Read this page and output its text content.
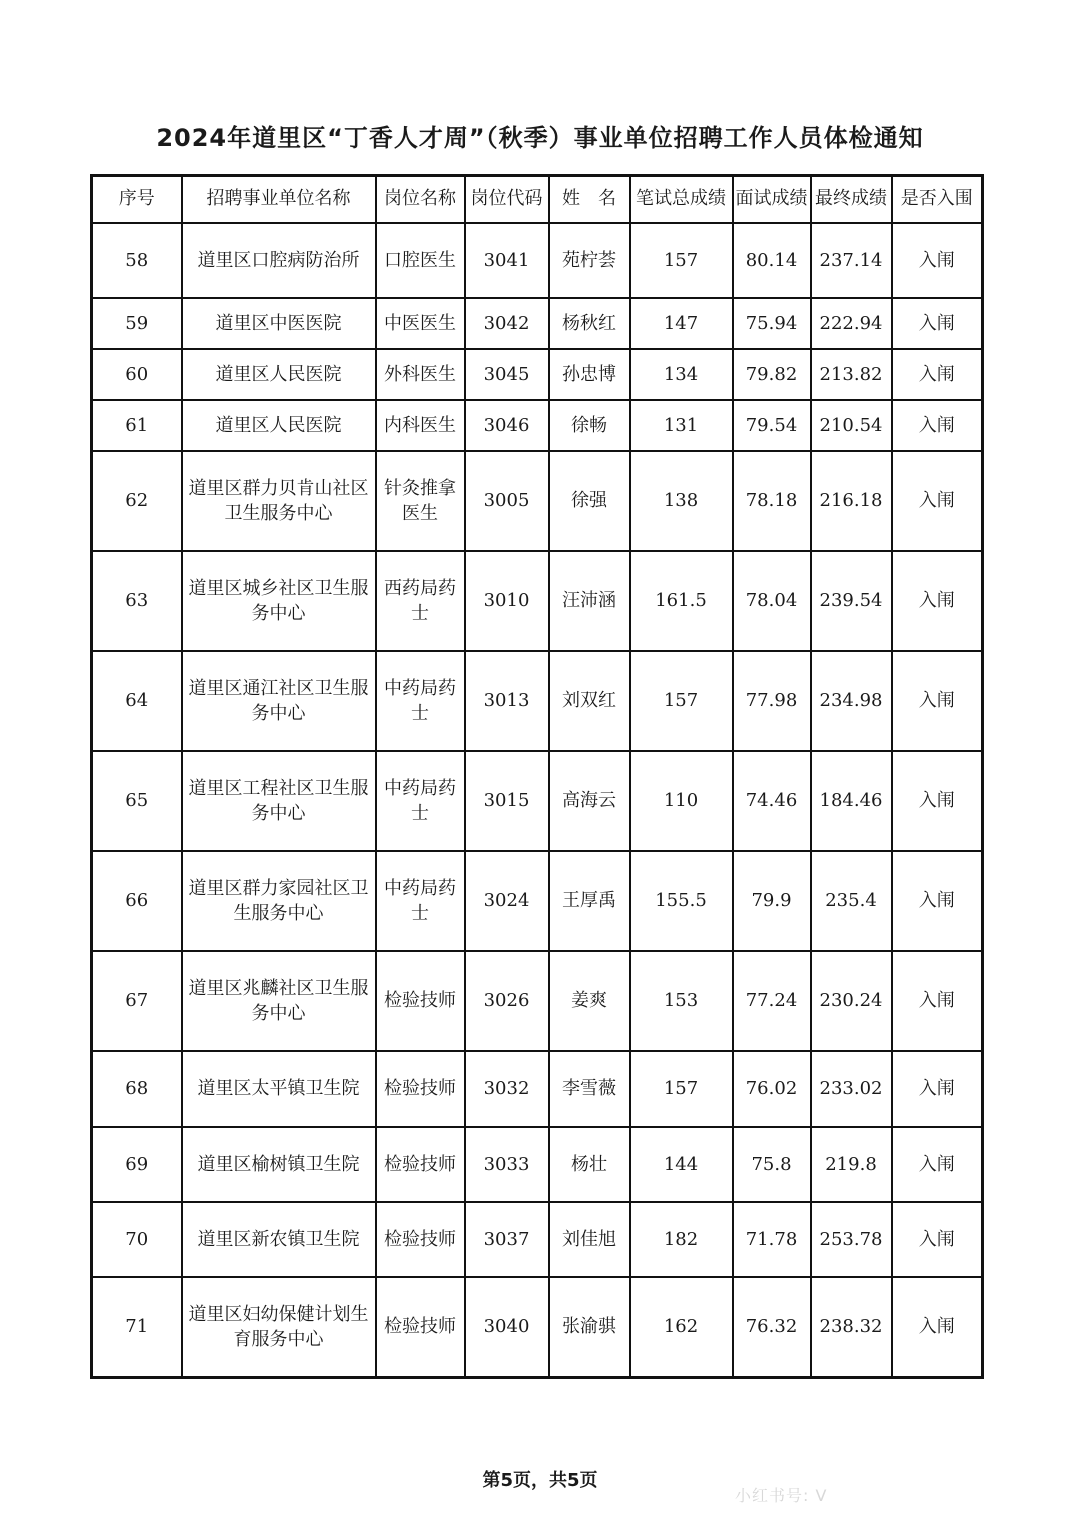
2024年道里区“丁香人才周”（秋季）事业单位招聘工作人员体检通知
序号	招聘事业单位名称	岗位名称	岗位代码	姓　名	笔试总成绩	面试成绩	最终成绩	是否入围
58	道里区口腔病防治所	口腔医生	3041	苑柠荟	157	80.14	237.14	入闱
59	道里区中医医院	中医医生	3042	杨秋红	147	75.94	222.94	入闱
60	道里区人民医院	外科医生	3045	孙忠博	134	79.82	213.82	入闱
61	道里区人民医院	内科医生	3046	徐畅	131	79.54	210.54	入闱
62	道里区群力贝肯山社区卫生服务中心	针灸推拿医生	3005	徐强	138	78.18	216.18	入闱
63	道里区城乡社区卫生服务中心	西药局药士	3010	汪沛涵	161.5	78.04	239.54	入闱
64	道里区通江社区卫生服务中心	中药局药士	3013	刘双红	157	77.98	234.98	入闱
65	道里区工程社区卫生服务中心	中药局药士	3015	高海云	110	74.46	184.46	入闱
66	道里区群力家园社区卫生服务中心	中药局药士	3024	王厚禹	155.5	79.9	235.4	入闱
67	道里区兆麟社区卫生服务中心	检验技师	3026	姜爽	153	77.24	230.24	入闱
68	道里区太平镇卫生院	检验技师	3032	李雪薇	157	76.02	233.02	入闱
69	道里区榆树镇卫生院	检验技师	3033	杨壮	144	75.8	219.8	入闱
70	道里区新农镇卫生院	检验技师	3037	刘佳旭	182	71.78	253.78	入闱
71	道里区妇幼保健计划生育服务中心	检验技师	3040	张渝骐	162	76.32	238.32	入闱
第5页，共5页
小红书号: V
